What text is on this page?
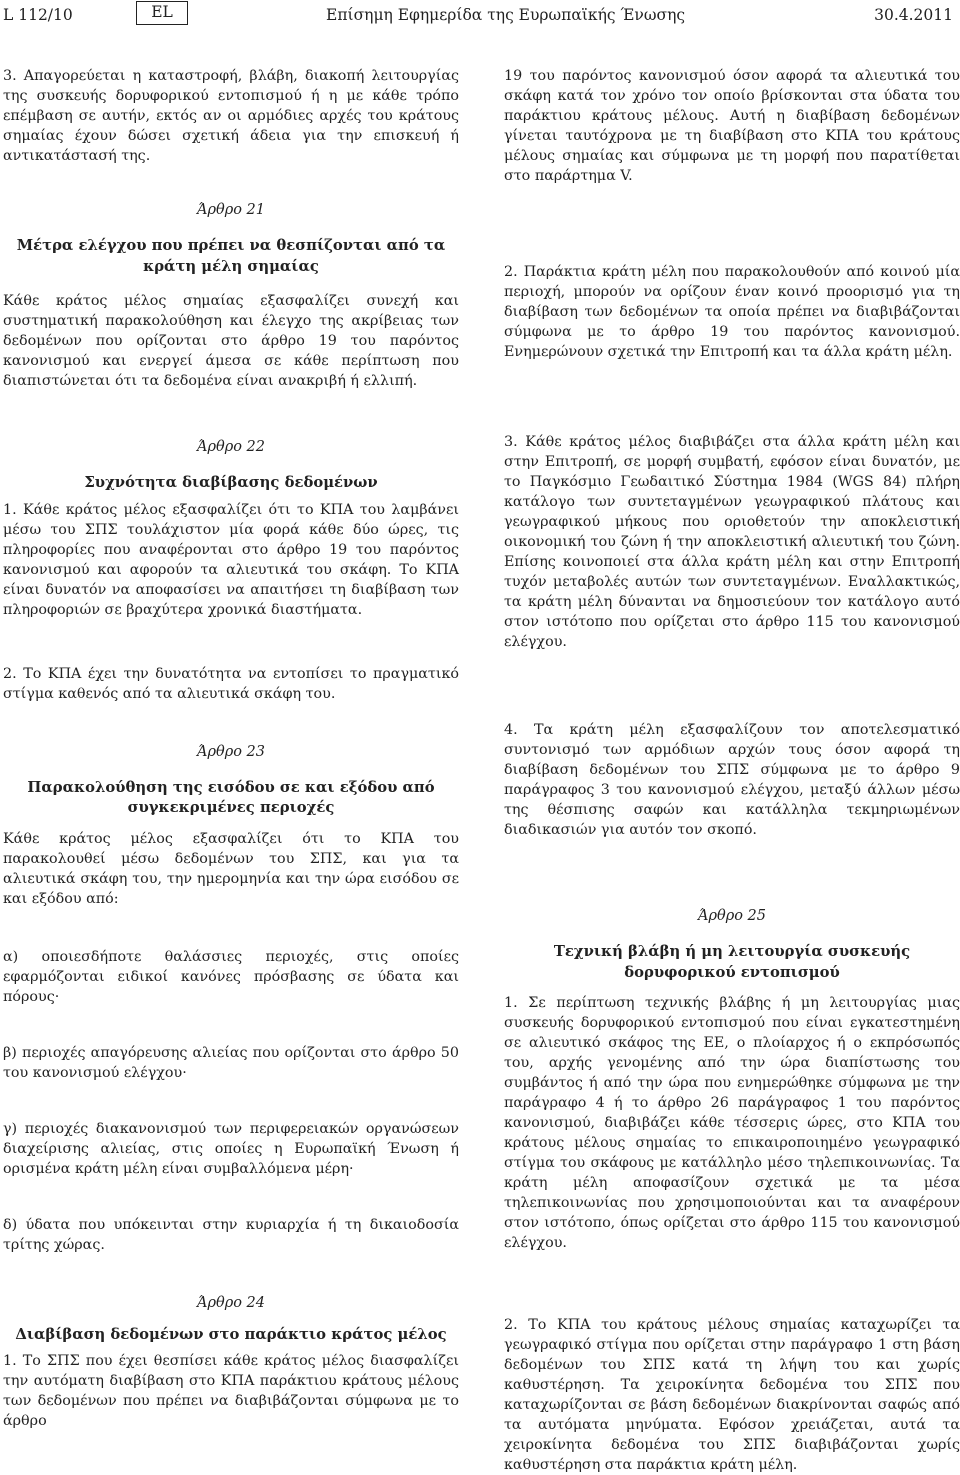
L 112/10	EL	Επίσημη Εφημερίδα της Ευρωπαϊκής Ένωσης	30.4.2011

3. Απαγορεύεται η καταστροφή, βλάβη, διακοπή λειτουργίας της συσκευής δορυφορικού εντοπισμού ή η με κάθε τρόπο επέμβαση σε αυτήν, εκτός αν οι αρμόδιες αρχές του κράτους σημαίας έχουν δώσει σχετική άδεια για την επισκευή ή αντικατάστασή της.

Άρθρο 21

Μέτρα ελέγχου που πρέπει να θεσπίζονται από τα κράτη μέλη σημαίας

Κάθε κράτος μέλος σημαίας εξασφαλίζει συνεχή και συστηματική παρακολούθηση και έλεγχο της ακρίβειας των δεδομένων που ορίζονται στο άρθρο 19 του παρόντος κανονισμού και ενεργεί άμεσα σε κάθε περίπτωση που διαπιστώνεται ότι τα δεδομένα είναι ανακριβή ή ελλιπή.

Άρθρο 22

Συχνότητα διαβίβασης δεδομένων

1. Κάθε κράτος μέλος εξασφαλίζει ότι το ΚΠΑ του λαμβάνει μέσω του ΣΠΣ τουλάχιστον μία φορά κάθε δύο ώρες, τις πληροφορίες που αναφέρονται στο άρθρο 19 του παρόντος κανονισμού και αφορούν τα αλιευτικά του σκάφη. Το ΚΠΑ είναι δυνατόν να αποφασίσει να απαιτήσει τη διαβίβαση των πληροφοριών σε βραχύτερα χρονικά διαστήματα.

2. Το ΚΠΑ έχει την δυνατότητα να εντοπίσει το πραγματικό στίγμα καθενός από τα αλιευτικά σκάφη του.

Άρθρο 23

Παρακολούθηση της εισόδου σε και εξόδου από συγκεκριμένες περιοχές

Κάθε κράτος μέλος εξασφαλίζει ότι το ΚΠΑ του παρακολουθεί μέσω δεδομένων του ΣΠΣ, και για τα αλιευτικά σκάφη του, την ημερομηνία και την ώρα εισόδου σε και εξόδου από:

α) οποιεσδήποτε θαλάσσιες περιοχές, στις οποίες εφαρμόζονται ειδικοί κανόνες πρόσβασης σε ύδατα και πόρους·

β) περιοχές απαγόρευσης αλιείας που ορίζονται στο άρθρο 50 του κανονισμού ελέγχου·

γ) περιοχές διακανονισμού των περιφερειακών οργανώσεων διαχείρισης αλιείας, στις οποίες η Ευρωπαϊκή Ένωση ή ορισμένα κράτη μέλη είναι συμβαλλόμενα μέρη·

δ) ύδατα που υπόκεινται στην κυριαρχία ή τη δικαιοδοσία τρίτης χώρας.

Άρθρο 24

Διαβίβαση δεδομένων στο παράκτιο κράτος μέλος

1. Το ΣΠΣ που έχει θεσπίσει κάθε κράτος μέλος διασφαλίζει την αυτόματη διαβίβαση στο ΚΠΑ παράκτιου κράτους μέλους των δεδομένων που πρέπει να διαβιβάζονται σύμφωνα με το άρθρο

19 του παρόντος κανονισμού όσον αφορά τα αλιευτικά του σκάφη κατά τον χρόνο τον οποίο βρίσκονται στα ύδατα του παράκτιου κράτους μέλους. Αυτή η διαβίβαση δεδομένων γίνεται ταυτόχρονα με τη διαβίβαση στο ΚΠΑ του κράτους μέλους σημαίας και σύμφωνα με τη μορφή που παρατίθεται στο παράρτημα V.

2. Παράκτια κράτη μέλη που παρακολουθούν από κοινού μία περιοχή, μπορούν να ορίζουν έναν κοινό προορισμό για τη διαβίβαση των δεδομένων τα οποία πρέπει να διαβιβάζονται σύμφωνα με το άρθρο 19 του παρόντος κανονισμού. Ενημερώνουν σχετικά την Επιτροπή και τα άλλα κράτη μέλη.

3. Κάθε κράτος μέλος διαβιβάζει στα άλλα κράτη μέλη και στην Επιτροπή, σε μορφή συμβατή, εφόσον είναι δυνατόν, με το Παγκόσμιο Γεωδαιτικό Σύστημα 1984 (WGS 84) πλήρη κατάλογο των συντεταγμένων γεωγραφικού πλάτους και γεωγραφικού μήκους που οριοθετούν την αποκλειστική οικονομική του ζώνη ή την αποκλειστική αλιευτική του ζώνη. Επίσης κοινοποιεί στα άλλα κράτη μέλη και στην Επιτροπή τυχόν μεταβολές αυτών των συντεταγμένων. Εναλλακτικώς, τα κράτη μέλη δύνανται να δημοσιεύουν τον κατάλογο αυτό στον ιστότοπο που ορίζεται στο άρθρο 115 του κανονισμού ελέγχου.

4. Τα κράτη μέλη εξασφαλίζουν τον αποτελεσματικό συντονισμό των αρμόδιων αρχών τους όσον αφορά τη διαβίβαση δεδομένων του ΣΠΣ σύμφωνα με το άρθρο 9 παράγραφος 3 του κανονισμού ελέγχου, μεταξύ άλλων μέσω της θέσπισης σαφών και κατάλληλα τεκμηριωμένων διαδικασιών για αυτόν τον σκοπό.

Άρθρο 25

Τεχνική βλάβη ή μη λειτουργία συσκευής δορυφορικού εντοπισμού

1. Σε περίπτωση τεχνικής βλάβης ή μη λειτουργίας μιας συσκευής δορυφορικού εντοπισμού που είναι εγκατεστημένη σε αλιευτικό σκάφος της ΕΕ, ο πλοίαρχος ή ο εκπρόσωπός του, αρχής γενομένης από την ώρα διαπίστωσης του συμβάντος ή από την ώρα που ενημερώθηκε σύμφωνα με την παράγραφο 4 ή το άρθρο 26 παράγραφος 1 του παρόντος κανονισμού, διαβιβάζει κάθε τέσσερις ώρες, στο ΚΠΑ του κράτους μέλους σημαίας το επικαιροποιημένο γεωγραφικό στίγμα του σκάφους με κατάλληλο μέσο τηλεπικοινωνίας. Τα κράτη μέλη αποφασίζουν σχετικά με τα μέσα τηλεπικοινωνίας που χρησιμοποιούνται και τα αναφέρουν στον ιστότοπο, όπως ορίζεται στο άρθρο 115 του κανονισμού ελέγχου.

2. Το ΚΠΑ του κράτους μέλους σημαίας καταχωρίζει τα γεωγραφικό στίγμα που ορίζεται στην παράγραφο 1 στη βάση δεδομένων του ΣΠΣ κατά τη λήψη του και χωρίς καθυστέρηση. Τα χειροκίνητα δεδομένα του ΣΠΣ που καταχωρίζονται σε βάση δεδομένων διακρίνονται σαφώς από τα αυτόματα μηνύματα. Εφόσον χρειάζεται, αυτά τα χειροκίνητα δεδομένα του ΣΠΣ διαβιβάζονται χωρίς καθυστέρηση στα παράκτια κράτη μέλη.
